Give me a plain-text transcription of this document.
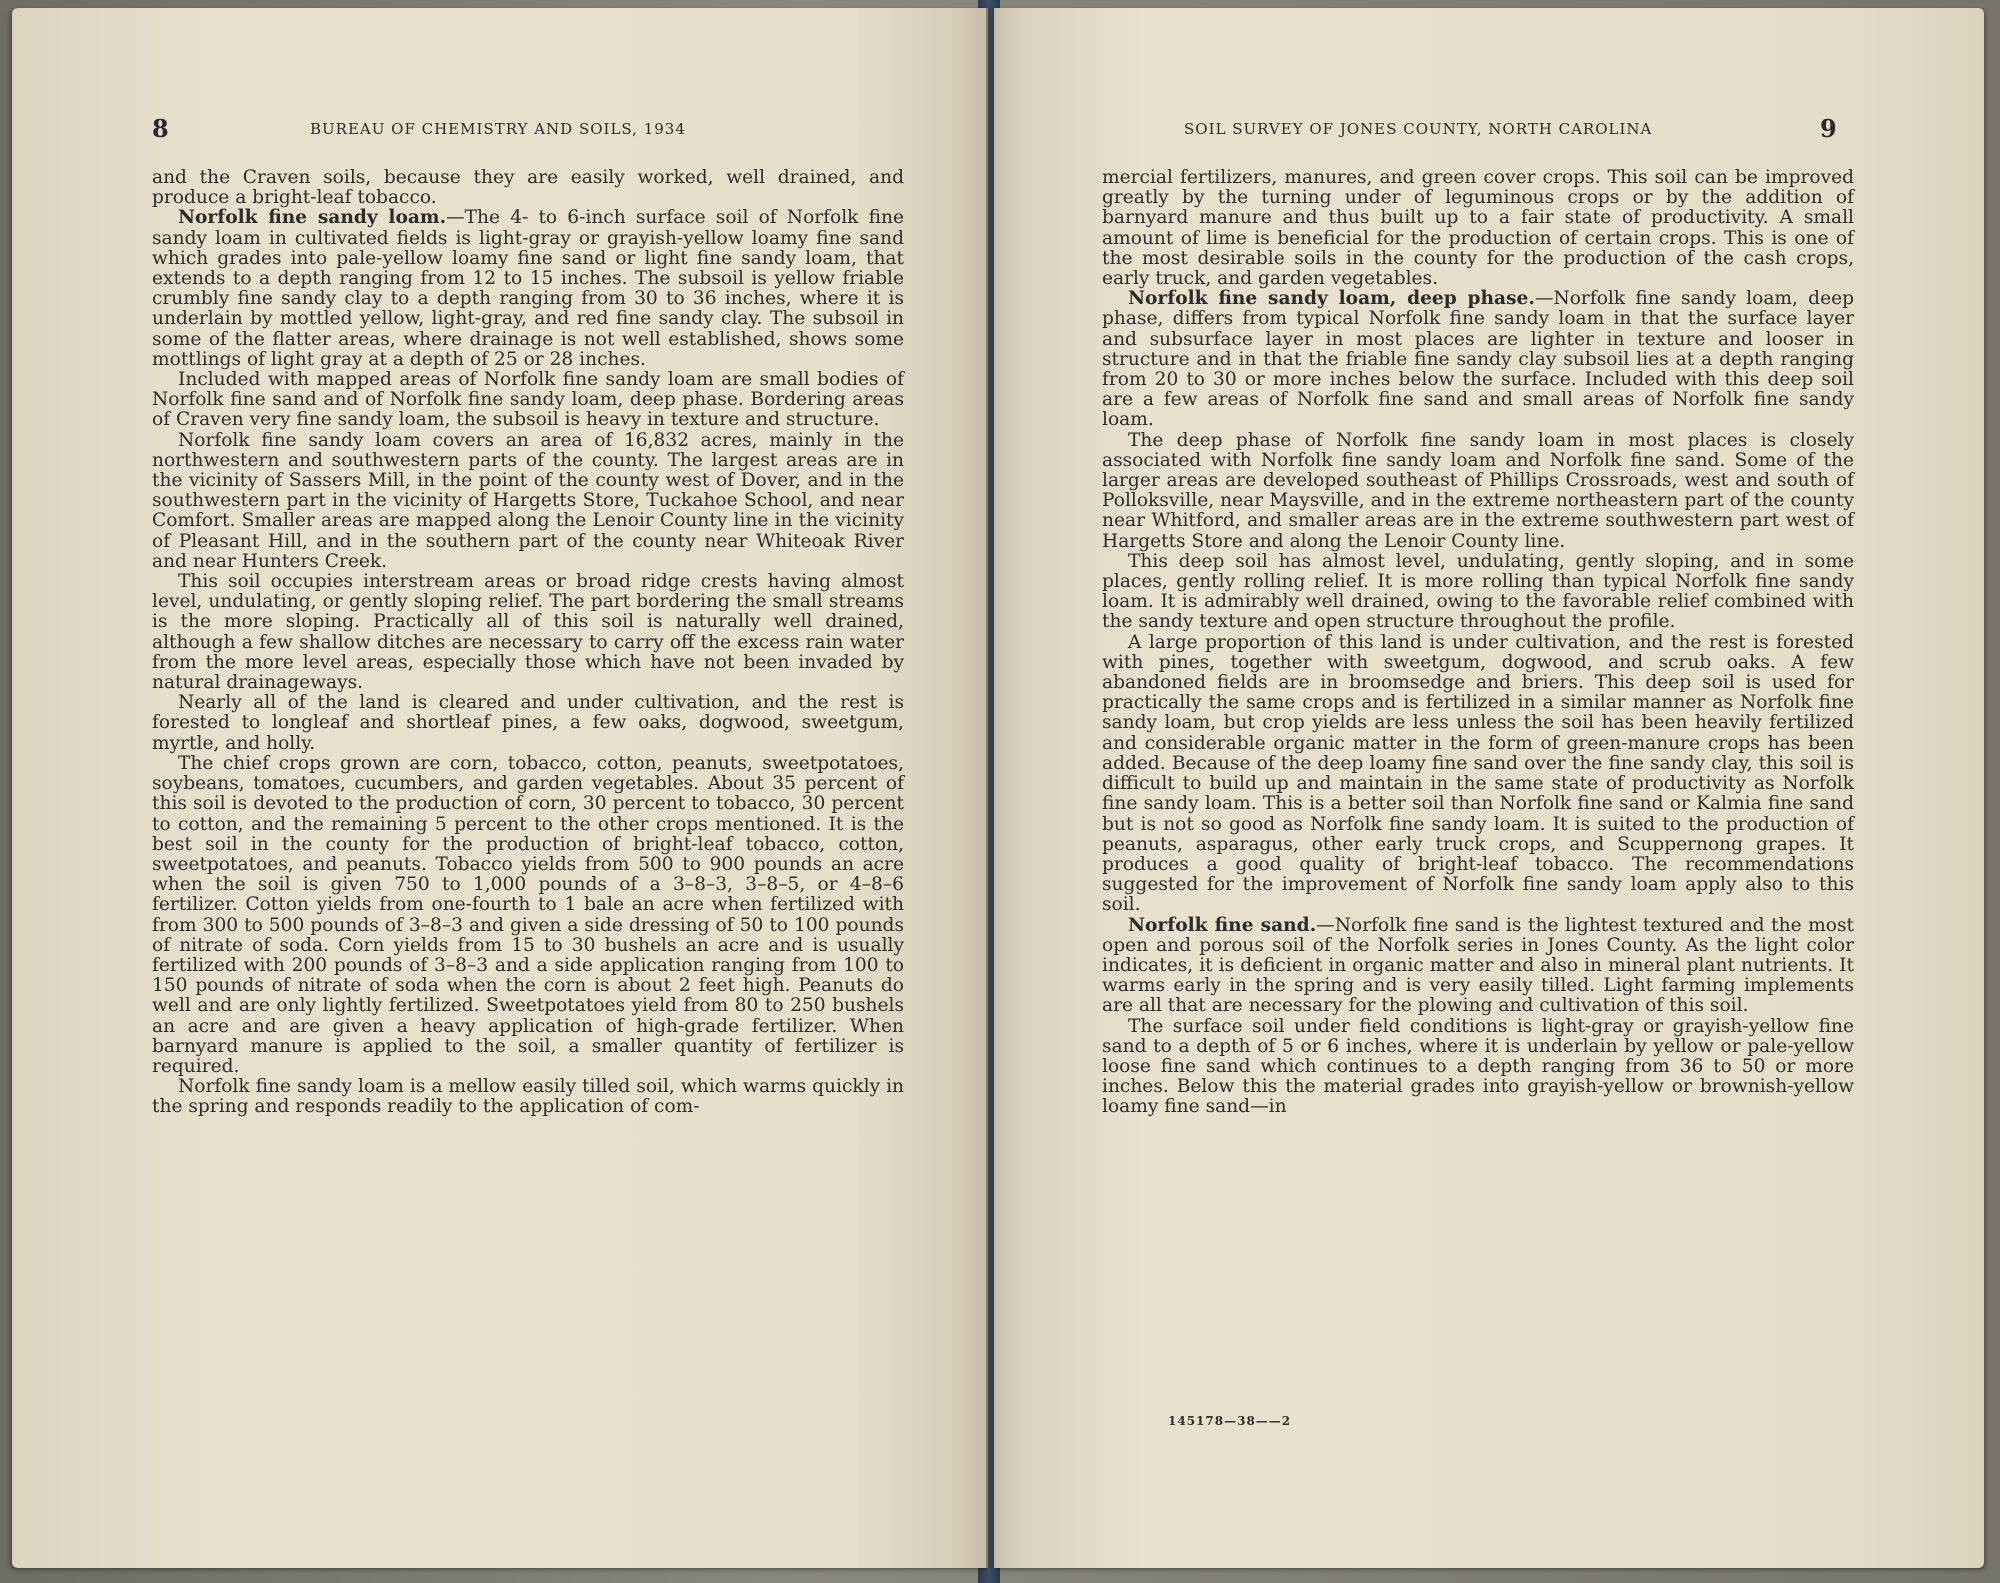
8	BUREAU OF CHEMISTRY AND SOILS, 1934

and the Craven soils, because they are easily worked, well drained, and produce a bright-leaf tobacco.

Norfolk fine sandy loam.—The 4- to 6-inch surface soil of Norfolk fine sandy loam in cultivated fields is light-gray or grayish-yellow loamy fine sand which grades into pale-yellow loamy fine sand or light fine sandy loam, that extends to a depth ranging from 12 to 15 inches. The subsoil is yellow friable crumbly fine sandy clay to a depth ranging from 30 to 36 inches, where it is underlain by mottled yellow, light-gray, and red fine sandy clay. The subsoil in some of the flatter areas, where drainage is not well established, shows some mottlings of light gray at a depth of 25 or 28 inches.

Included with mapped areas of Norfolk fine sandy loam are small bodies of Norfolk fine sand and of Norfolk fine sandy loam, deep phase. Bordering areas of Craven very fine sandy loam, the subsoil is heavy in texture and structure.

Norfolk fine sandy loam covers an area of 16,832 acres, mainly in the northwestern and southwestern parts of the county. The largest areas are in the vicinity of Sassers Mill, in the point of the county west of Dover, and in the southwestern part in the vicinity of Hargetts Store, Tuckahoe School, and near Comfort. Smaller areas are mapped along the Lenoir County line in the vicinity of Pleasant Hill, and in the southern part of the county near Whiteoak River and near Hunters Creek.

This soil occupies interstream areas or broad ridge crests having almost level, undulating, or gently sloping relief. The part bordering the small streams is the more sloping. Practically all of this soil is naturally well drained, although a few shallow ditches are necessary to carry off the excess rain water from the more level areas, especially those which have not been invaded by natural drainageways.

Nearly all of the land is cleared and under cultivation, and the rest is forested to longleaf and shortleaf pines, a few oaks, dogwood, sweetgum, myrtle, and holly.

The chief crops grown are corn, tobacco, cotton, peanuts, sweetpotatoes, soybeans, tomatoes, cucumbers, and garden vegetables. About 35 percent of this soil is devoted to the production of corn, 30 percent to tobacco, 30 percent to cotton, and the remaining 5 percent to the other crops mentioned. It is the best soil in the county for the production of bright-leaf tobacco, cotton, sweetpotatoes, and peanuts. Tobacco yields from 500 to 900 pounds an acre when the soil is given 750 to 1,000 pounds of a 3–8–3, 3–8–5, or 4–8–6 fertilizer. Cotton yields from one-fourth to 1 bale an acre when fertilized with from 300 to 500 pounds of 3–8–3 and given a side dressing of 50 to 100 pounds of nitrate of soda. Corn yields from 15 to 30 bushels an acre and is usually fertilized with 200 pounds of 3–8–3 and a side application ranging from 100 to 150 pounds of nitrate of soda when the corn is about 2 feet high. Peanuts do well and are only lightly fertilized. Sweetpotatoes yield from 80 to 250 bushels an acre and are given a heavy application of high-grade fertilizer. When barnyard manure is applied to the soil, a smaller quantity of fertilizer is required.

Norfolk fine sandy loam is a mellow easily tilled soil, which warms quickly in the spring and responds readily to the application of com-

SOIL SURVEY OF JONES COUNTY, NORTH CAROLINA	9

mercial fertilizers, manures, and green cover crops. This soil can be improved greatly by the turning under of leguminous crops or by the addition of barnyard manure and thus built up to a fair state of productivity. A small amount of lime is beneficial for the production of certain crops. This is one of the most desirable soils in the county for the production of the cash crops, early truck, and garden vegetables.

Norfolk fine sandy loam, deep phase.—Norfolk fine sandy loam, deep phase, differs from typical Norfolk fine sandy loam in that the surface layer and subsurface layer in most places are lighter in texture and looser in structure and in that the friable fine sandy clay subsoil lies at a depth ranging from 20 to 30 or more inches below the surface. Included with this deep soil are a few areas of Norfolk fine sand and small areas of Norfolk fine sandy loam.

The deep phase of Norfolk fine sandy loam in most places is closely associated with Norfolk fine sandy loam and Norfolk fine sand. Some of the larger areas are developed southeast of Phillips Crossroads, west and south of Polloksville, near Maysville, and in the extreme northeastern part of the county near Whitford, and smaller areas are in the extreme southwestern part west of Hargetts Store and along the Lenoir County line.

This deep soil has almost level, undulating, gently sloping, and in some places, gently rolling relief. It is more rolling than typical Norfolk fine sandy loam. It is admirably well drained, owing to the favorable relief combined with the sandy texture and open structure throughout the profile.

A large proportion of this land is under cultivation, and the rest is forested with pines, together with sweetgum, dogwood, and scrub oaks. A few abandoned fields are in broomsedge and briers. This deep soil is used for practically the same crops and is fertilized in a similar manner as Norfolk fine sandy loam, but crop yields are less unless the soil has been heavily fertilized and considerable organic matter in the form of green-manure crops has been added. Because of the deep loamy fine sand over the fine sandy clay, this soil is difficult to build up and maintain in the same state of productivity as Norfolk fine sandy loam. This is a better soil than Norfolk fine sand or Kalmia fine sand but is not so good as Norfolk fine sandy loam. It is suited to the production of peanuts, asparagus, other early truck crops, and Scuppernong grapes. It produces a good quality of bright-leaf tobacco. The recommendations suggested for the improvement of Norfolk fine sandy loam apply also to this soil.

Norfolk fine sand.—Norfolk fine sand is the lightest textured and the most open and porous soil of the Norfolk series in Jones County. As the light color indicates, it is deficient in organic matter and also in mineral plant nutrients. It warms early in the spring and is very easily tilled. Light farming implements are all that are necessary for the plowing and cultivation of this soil.

The surface soil under field conditions is light-gray or grayish-yellow fine sand to a depth of 5 or 6 inches, where it is underlain by yellow or pale-yellow loose fine sand which continues to a depth ranging from 36 to 50 or more inches. Below this the material grades into grayish-yellow or brownish-yellow loamy fine sand—in

145178—38——2
